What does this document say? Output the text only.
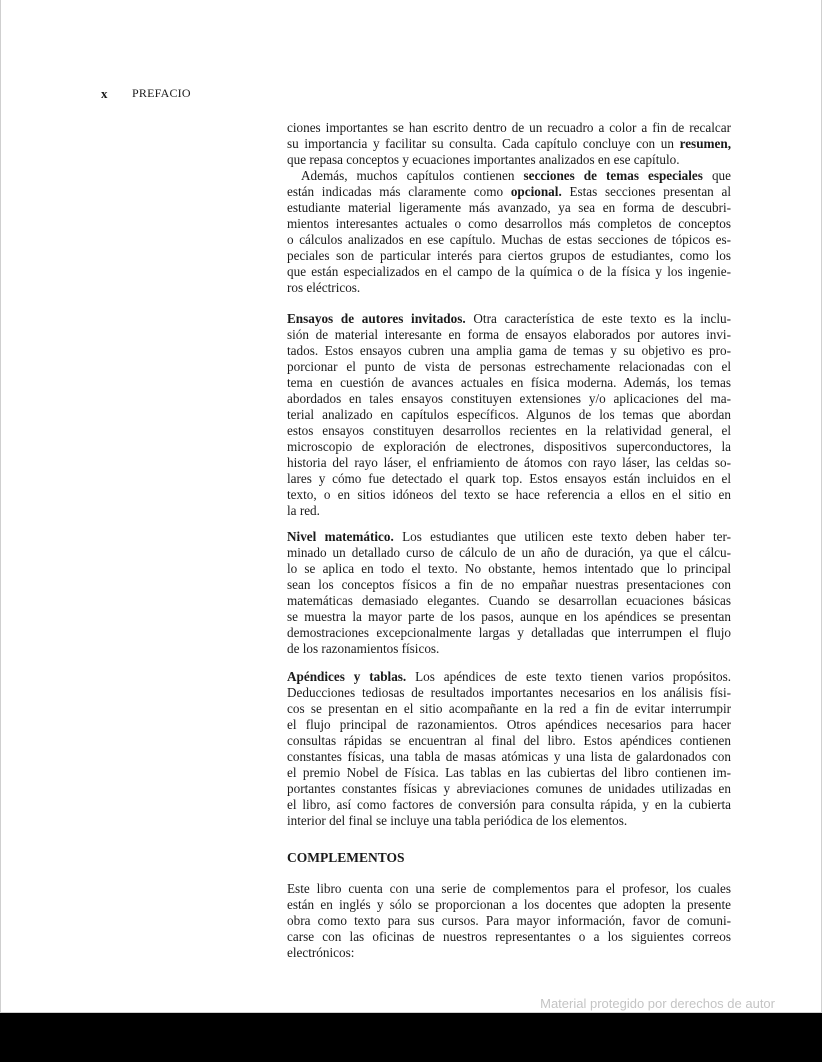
x PREFACIO
ciones importantes se han escrito dentro de un recuadro a color a fin de recalcar
su importancia y facilitar su consulta. Cada capítulo concluye con un resumen,
que repasa conceptos y ecuaciones importantes analizados en ese capítulo.
Además, muchos capítulos contienen secciones de temas especiales que
están indicadas más claramente como opcional. Estas secciones presentan al
estudiante material ligeramente más avanzado, ya sea en forma de descubri-
mientos interesantes actuales o como desarrollos más completos de conceptos
o cálculos analizados en ese capítulo. Muchas de estas secciones de tópicos es-
peciales son de particular interés para ciertos grupos de estudiantes, como los
que están especializados en el campo de la química o de la física y los ingenie-
ros eléctricos.
Ensayos de autores invitados. Otra característica de este texto es la inclu-
sión de material interesante en forma de ensayos elaborados por autores invi-
tados. Estos ensayos cubren una amplia gama de temas y su objetivo es pro-
porcionar el punto de vista de personas estrechamente relacionadas con el
tema en cuestión de avances actuales en física moderna. Además, los temas
abordados en tales ensayos constituyen extensiones y/o aplicaciones del ma-
terial analizado en capítulos específicos. Algunos de los temas que abordan
estos ensayos constituyen desarrollos recientes en la relatividad general, el
microscopio de exploración de electrones, dispositivos superconductores, la
historia del rayo láser, el enfriamiento de átomos con rayo láser, las celdas so-
lares y cómo fue detectado el quark top. Estos ensayos están incluidos en el
texto, o en sitios idóneos del texto se hace referencia a ellos en el sitio en
la red.
Nivel matemático. Los estudiantes que utilicen este texto deben haber ter-
minado un detallado curso de cálculo de un año de duración, ya que el cálcu-
lo se aplica en todo el texto. No obstante, hemos intentado que lo principal
sean los conceptos físicos a fin de no empañar nuestras presentaciones con
matemáticas demasiado elegantes. Cuando se desarrollan ecuaciones básicas
se muestra la mayor parte de los pasos, aunque en los apéndices se presentan
demostraciones excepcionalmente largas y detalladas que interrumpen el flujo
de los razonamientos físicos.
Apéndices y tablas. Los apéndices de este texto tienen varios propósitos.
Deducciones tediosas de resultados importantes necesarios en los análisis físi-
cos se presentan en el sitio acompañante en la red a fin de evitar interrumpir
el flujo principal de razonamientos. Otros apéndices necesarios para hacer
consultas rápidas se encuentran al final del libro. Estos apéndices contienen
constantes físicas, una tabla de masas atómicas y una lista de galardonados con
el premio Nobel de Física. Las tablas en las cubiertas del libro contienen im-
portantes constantes físicas y abreviaciones comunes de unidades utilizadas en
el libro, así como factores de conversión para consulta rápida, y en la cubierta
interior del final se incluye una tabla periódica de los elementos.
COMPLEMENTOS
Este libro cuenta con una serie de complementos para el profesor, los cuales
están en inglés y sólo se proporcionan a los docentes que adopten la presente
obra como texto para sus cursos. Para mayor información, favor de comuni-
carse con las oficinas de nuestros representantes o a los siguientes correos
electrónicos:
Material protegido por derechos de autor
